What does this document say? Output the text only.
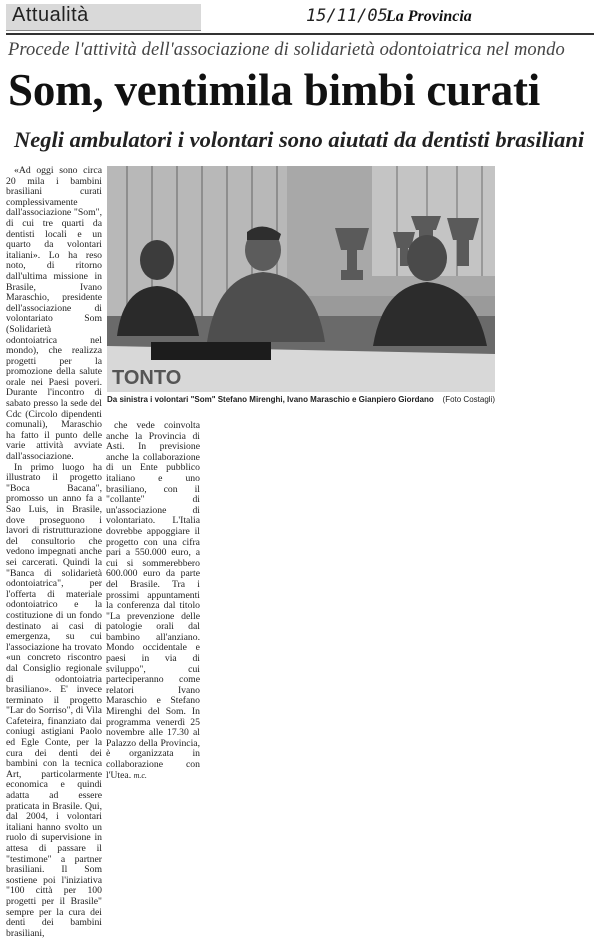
Attualità	15/11/05
La Provincia
Procede l'attività dell'associazione di solidarietà odontoiatrica nel mondo
Som, ventimila bimbi curati
Negli ambulatori i volontari sono aiutati da dentisti brasiliani

«Ad oggi sono circa 20 mila i bambini brasiliani curati complessivamente dall'associazione "Som", di cui tre quarti da dentisti locali e un quarto da volontari italiani». Lo ha reso noto, di ritorno dall'ultima missione in Brasile, Ivano Maraschio, presidente dell'associazione di volontariato Som (Solidarietà odontoiatrica nel mondo), che realizza progetti per la promozione della salute orale nei Paesi poveri. Durante l'incontro di sabato presso la sede del Cdc (Circolo dipendenti comunali), Maraschio ha fatto il punto delle varie attività avviate dall'associazione.

In primo luogo ha illustrato il progetto "Boca Bacana", promosso un anno fa a Sao Luis, in Brasile, dove proseguono i lavori di ristrutturazione del consultorio che vedono impegnati anche sei carcerati. Quindi la "Banca di solidarietà odontoiatrica", per l'offerta di materiale odontoiatrico e la costituzione di un fondo destinato ai casi di emergenza, su cui l'associazione ha trovato «un concreto riscontro dal Consiglio regionale di odontoiatria brasiliano». E' invece terminato il progetto "Lar do Sorriso", di Vila Cafeteira, finanziato dai coniugi astigiani Paolo ed Egle Conte, per la cura dei denti dei bambini con la tecnica Art, particolarmente economica e quindi adatta ad essere praticata in Brasile. Qui, dal 2004, i volontari italiani hanno svolto un ruolo di supervisione in attesa di passare il "testimone" a partner brasiliani. Il Som sostiene poi l'iniziativa "100 città per 100 progetti per il Brasile" sempre per la cura dei denti dei bambini brasiliani,

TONTO
Da sinistra i volontari "Som" Stefano Mirenghi, Ivano Maraschio e Gianpiero Giordano (Foto Costagli)

che vede coinvolta anche la Provincia di Asti. In previsione anche la collaborazione di un Ente pubblico italiano e uno brasiliano, con il "collante" di un'associazione di volontariato. L'Italia dovrebbe appoggiare il progetto con una cifra pari a 550.000 euro, a cui si sommerebbero 600.000 euro da parte del Brasile. Tra i prossimi appuntamenti la conferenza dal titolo "La prevenzione delle patologie orali dal bambino all'anziano. Mondo occidentale e paesi in via di sviluppo", cui parteciperanno come relatori Ivano Maraschio e Stefano Mirenghi del Som. In programma venerdì 25 novembre alle 17.30 al Palazzo della Provincia, è organizzata in collaborazione con l'Utea. m.c.
